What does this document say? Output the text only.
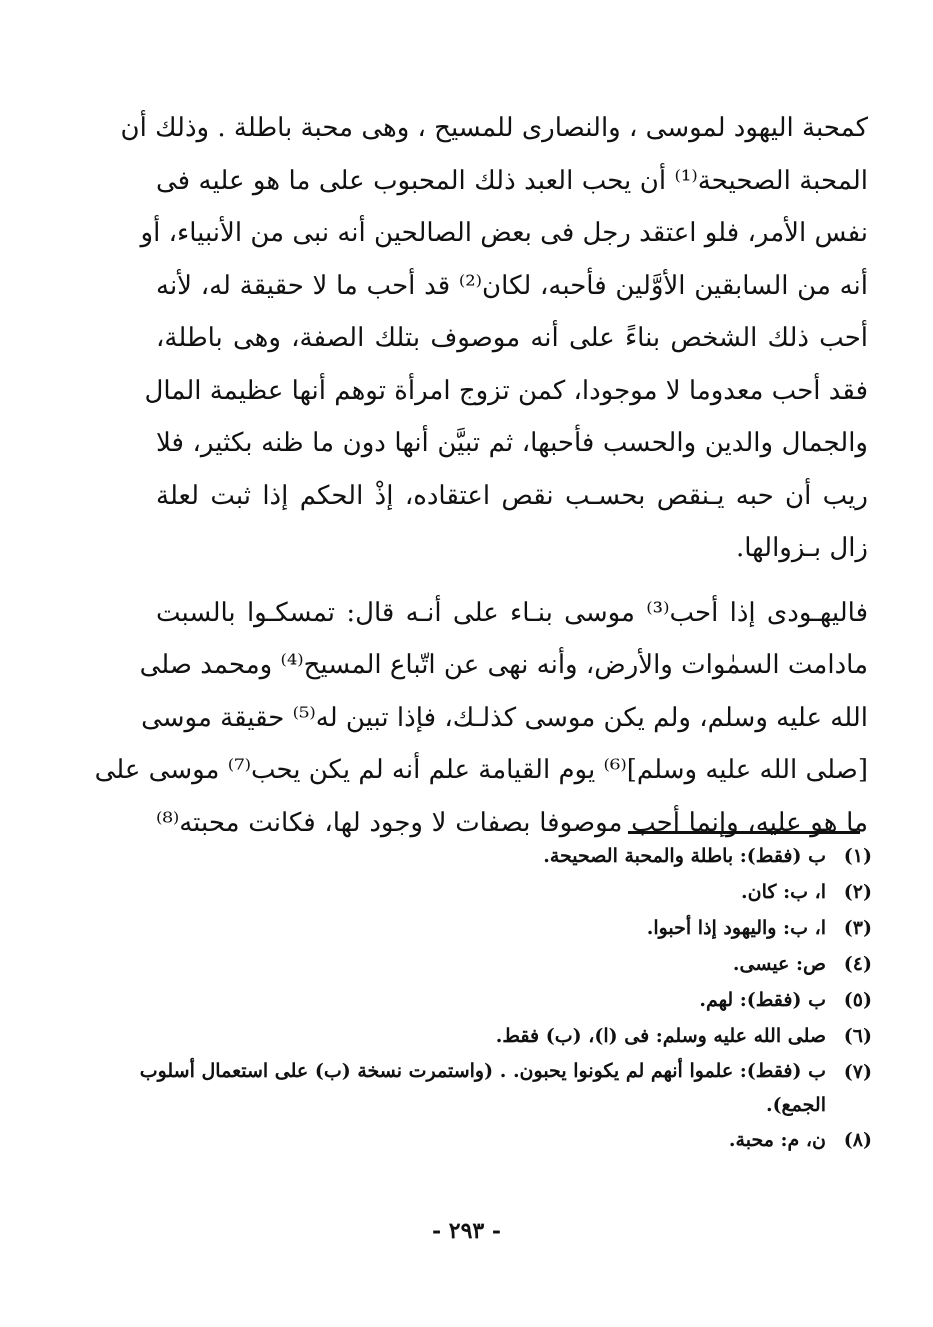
كمحبة اليهود لموسى ، والنصارى للمسيح ، وهى محبة باطلة . وذلك أن
المحبة الصحيحة⁽¹⁾ أن يحب العبد ذلك المحبوب على ما هو عليه فى
نفس الأمر، فلو اعتقد رجل فى بعض الصالحين أنه نبى من الأنبياء، أو
أنه من السابقين الأوَّلين فأحبه، لكان⁽²⁾ قد أحب ما لا حقيقة له، لأنه
أحب ذلك الشخص بناءً على أنه موصوف بتلك الصفة، وهى باطلة،
فقد أحب معدوما لا موجودا، كمن تزوج امرأة توهم أنها عظيمة المال
والجمال والدين والحسب فأحبها، ثم تبيَّن أنها دون ما ظنه بكثير، فلا
ريب أن حبه يـنقص بحسـب نقص اعتقاده، إذْ الحكم إذا ثبت لعلة
زال بـزوالها.
فاليهـودى إذا أحب⁽³⁾ موسى بنـاء على أنـه قال: تمسكـوا بالسبت
مادامت السمٰوات والأرض، وأنه نهى عن اتّباع المسيح⁽⁴⁾ ومحمد صلى
الله عليه وسلم، ولم يكن موسى كذلـك، فإذا تبين له⁽⁵⁾ حقيقة موسى
[صلى الله عليه وسلم]⁽⁶⁾ يوم القيامة علم أنه لم يكن يحب⁽⁷⁾ موسى على
ما هو عليه، وإنما أحب موصوفا بصفات لا وجود لها، فكانت محبته⁽⁸⁾
(١)
ب (فقط): باطلة والمحبة الصحيحة.
(٢)
ا، ب: كان.
(٣)
ا، ب: واليهود إذا أحبوا.
(٤)
ص: عيسى.
(٥)
ب (فقط): لهم.
(٦)
صلى الله عليه وسلم: فى (ا)، (ب) فقط.
(٧)
ب (فقط): علموا أنهم لم يكونوا يحبون. . (واستمرت نسخة (ب) على استعمال أسلوب
الجمع).
(٨)
ن، م: محبة.
- ٢٩٣ -
